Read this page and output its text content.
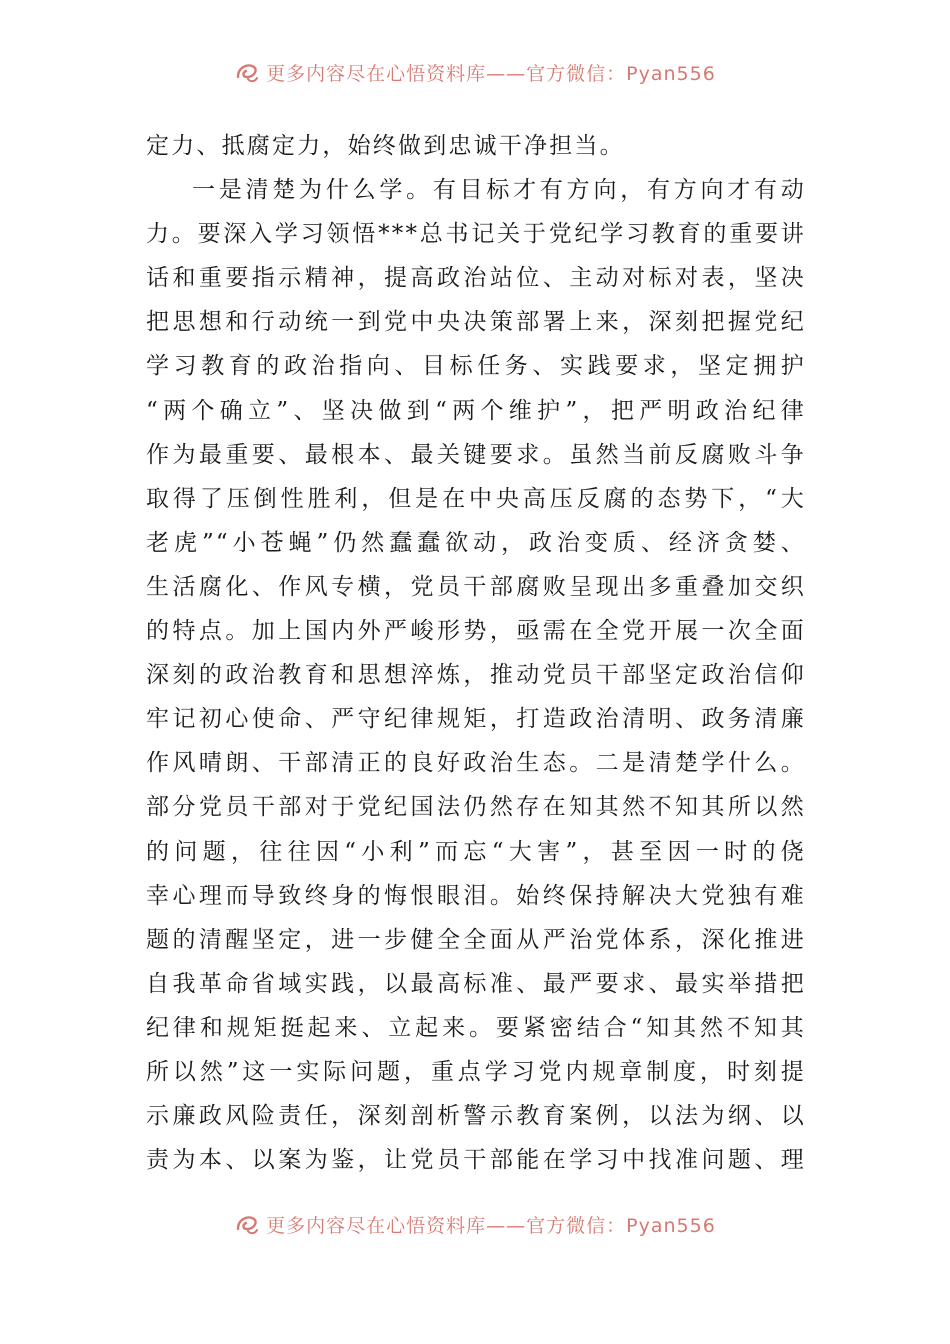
更多内容尽在心悟资料库——官方微信：Pyan556
定力、抵腐定力，始终做到忠诚干净担当。
一是清楚为什么学。有目标才有方向，有方向才有动
力。要深入学习领悟***总书记关于党纪学习教育的重要讲
话和重要指示精神，提高政治站位、主动对标对表，坚决
把思想和行动统一到党中央决策部署上来，深刻把握党纪
学习教育的政治指向、目标任务、实践要求，坚定拥护
“两个确立”、坚决做到“两个维护”，把严明政治纪律
作为最重要、最根本、最关键要求。虽然当前反腐败斗争
取得了压倒性胜利，但是在中央高压反腐的态势下，“大
老虎”“小苍蝇”仍然蠢蠢欲动，政治变质、经济贪婪、
生活腐化、作风专横，党员干部腐败呈现出多重叠加交织
的特点。加上国内外严峻形势，亟需在全党开展一次全面
深刻的政治教育和思想淬炼，推动党员干部坚定政治信仰
牢记初心使命、严守纪律规矩，打造政治清明、政务清廉
作风晴朗、干部清正的良好政治生态。二是清楚学什么。
部分党员干部对于党纪国法仍然存在知其然不知其所以然
的问题，往往因“小利”而忘“大害”，甚至因一时的侥
幸心理而导致终身的悔恨眼泪。始终保持解决大党独有难
题的清醒坚定，进一步健全全面从严治党体系，深化推进
自我革命省域实践，以最高标准、最严要求、最实举措把
纪律和规矩挺起来、立起来。要紧密结合“知其然不知其
所以然”这一实际问题，重点学习党内规章制度，时刻提
示廉政风险责任，深刻剖析警示教育案例，以法为纲、以
责为本、以案为鉴，让党员干部能在学习中找准问题、理
更多内容尽在心悟资料库——官方微信：Pyan556
